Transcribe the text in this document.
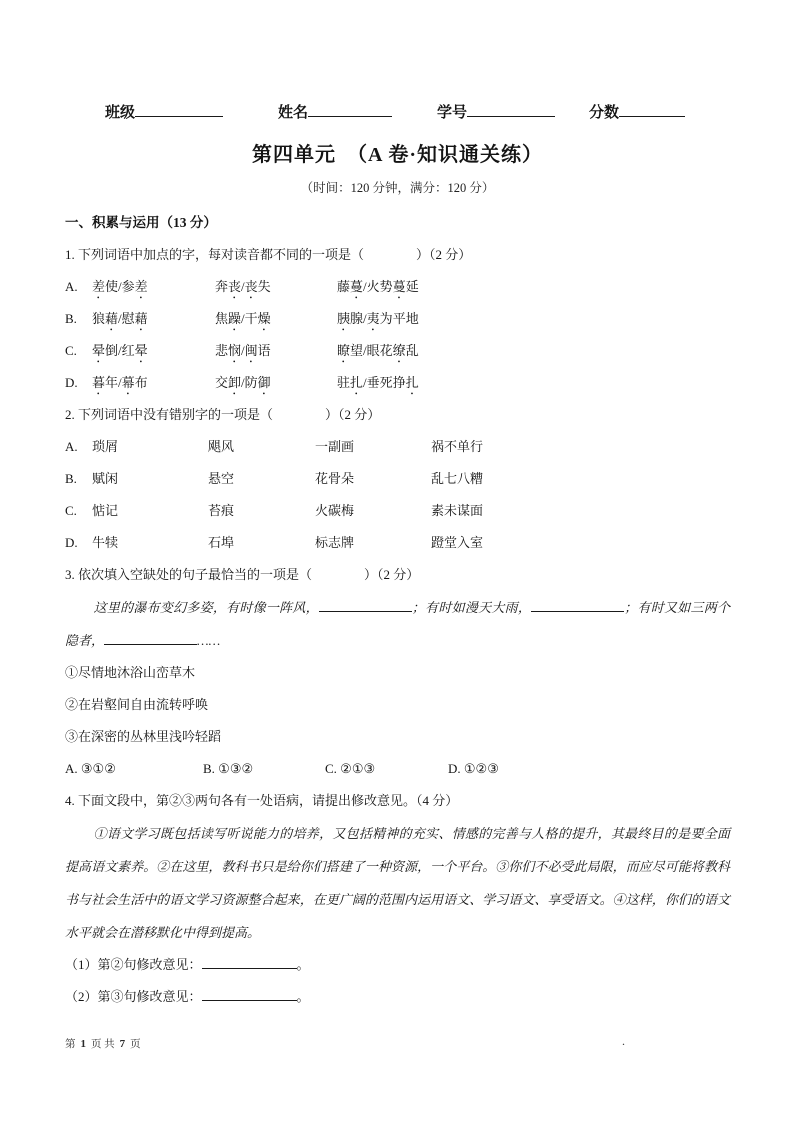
班级	姓名	学号	分数
第四单元　（A 卷·知识通关练）
（时间：120 分钟，满分：120 分）
一、积累与运用（13 分）
1. 下列词语中加点的字，每对读音都不同的一项是（　　　　）（2 分）
A.	差使/参差	奔丧/丧失	藤蔓/火势蔓延
B.	狼藉/慰藉	焦躁/干燥	胰腺/夷为平地
C.	晕倒/红晕	悲悯/闽语	瞭望/眼花缭乱
D.	暮年/幕布	交卸/防御	驻扎/垂死挣扎
2. 下列词语中没有错别字的一项是（　　　　）（2 分）
A.	琐屑	飓风	一副画	祸不单行
B.	赋闲	悬空	花骨朵	乱七八糟
C.	惦记	苔痕	火碳梅	素未谋面
D.	牛犊	石埠	标志牌	蹬堂入室
3. 依次填入空缺处的句子最恰当的一项是（　　　　）（2 分）

这里的瀑布变幻多姿，有时像一阵风，	；有时如漫天大雨，	；有时又如三两个隐者，	……

①尽情地沐浴山峦草木
②在岩壑间自由流转呼唤
③在深密的丛林里浅吟轻蹈
A. ③①②	B. ①③②	C. ②①③	D. ①②③
4. 下面文段中，第②③两句各有一处语病，请提出修改意见。（4 分）

①语文学习既包括读写听说能力的培养，又包括精神的充实、情感的完善与人格的提升，其最终目的是要全面提高语文素养。②在这里，教科书只是给你们搭建了一种资源，一个平台。③你们不必受此局限，而应尽可能将教科书与社会生活中的语文学习资源整合起来，在更广阔的范围内运用语文、学习语文、享受语文。④这样，你们的语文水平就会在潜移默化中得到提高。

（1）第②句修改意见：	。
（2）第③句修改意见：	。
第 1 页 共 7 页	.
